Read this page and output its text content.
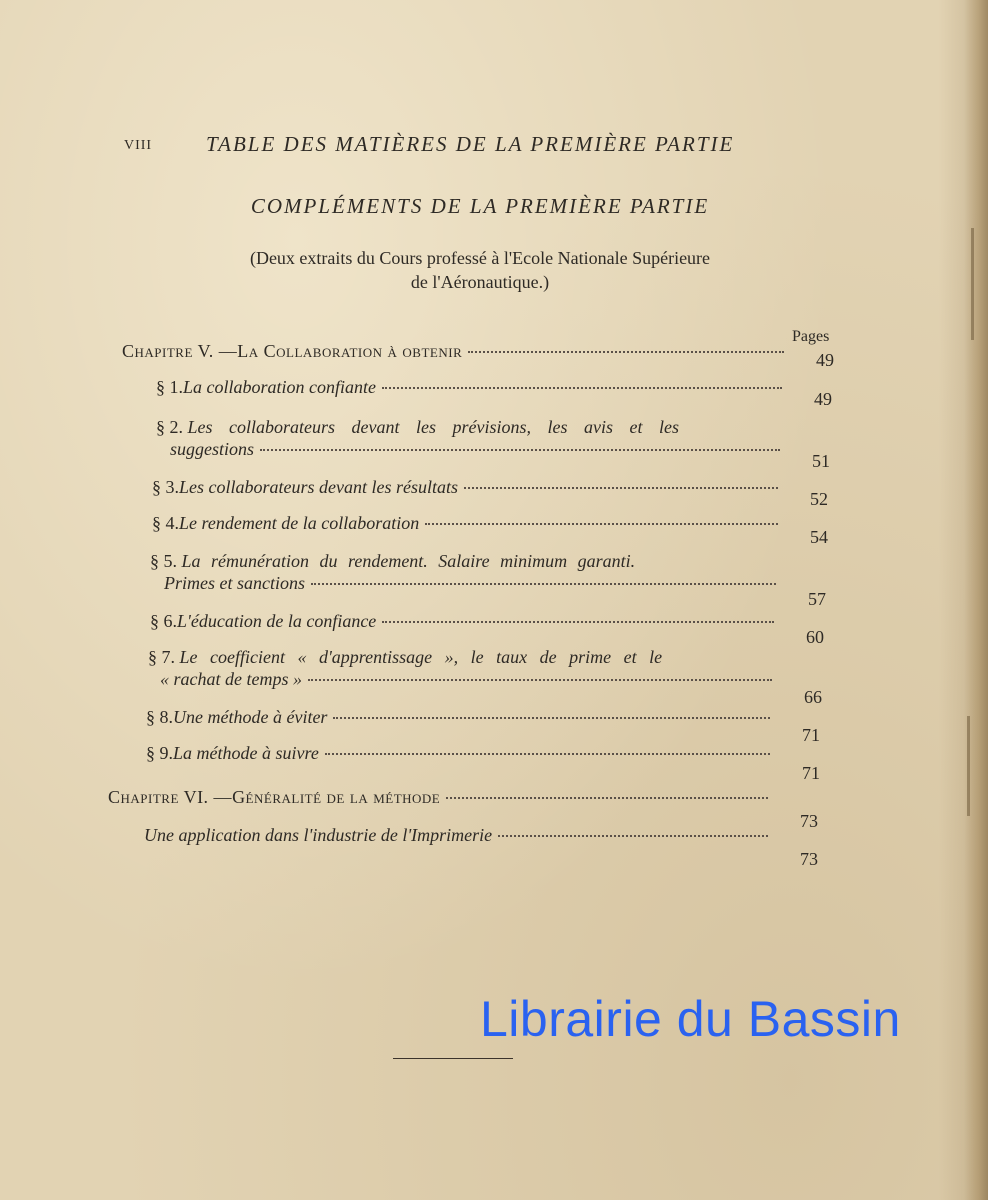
VIII	TABLE DES MATIÈRES DE LA PREMIÈRE PARTIE
COMPLÉMENTS DE LA PREMIÈRE PARTIE
(Deux extraits du Cours professé à l'Ecole Nationale Supérieure
de l'Aéronautique.)
Pages
Chapitre V. — La Collaboration à obtenir	49
§ 1. La collaboration confiante
49
§ 2. Les collaborateurs devant les prévisions, les avis et les
suggestions
51
§ 3. Les collaborateurs devant les résultats
52
§ 4. Le rendement de la collaboration
54
§ 5. La rémunération du rendement. Salaire minimum garanti.
Primes et sanctions
57
§ 6. L'éducation de la confiance
60
§ 7. Le coefficient « d'apprentissage », le taux de prime et le
« rachat de temps »
66
§ 8. Une méthode à éviter
71
§ 9. La méthode à suivre
71
Chapitre VI. — Généralité de la méthode
73
Une application dans l'industrie de l'Imprimerie
73
Librairie du Bassin
